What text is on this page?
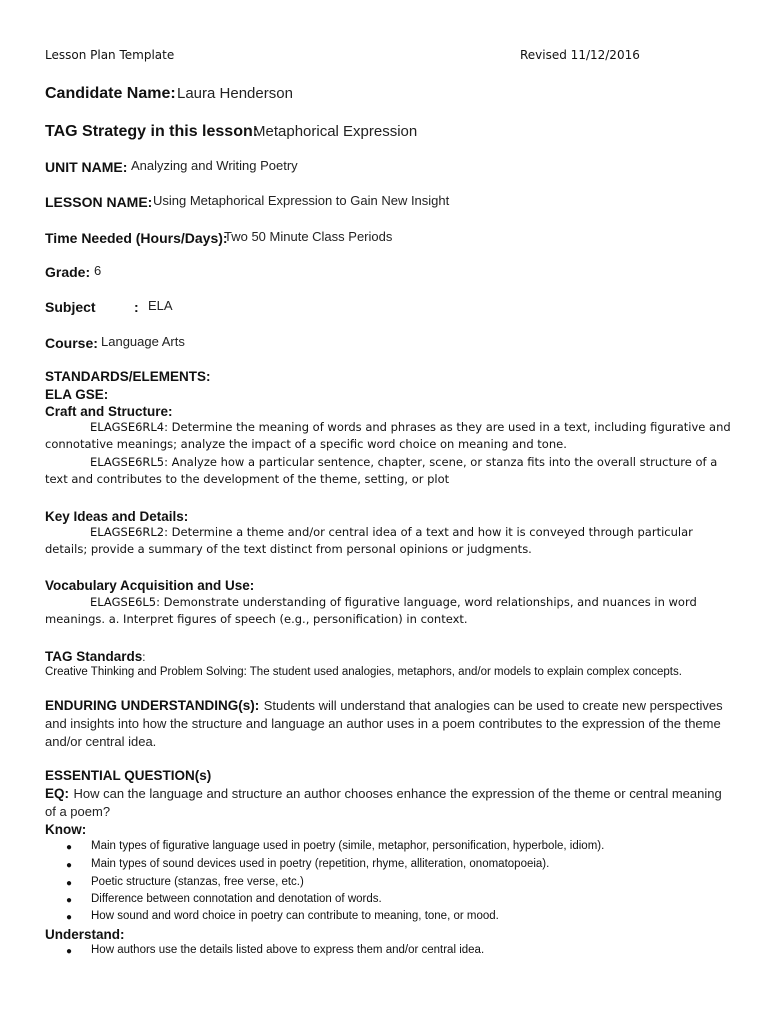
Lesson Plan Template	Revised 11/12/2016
Candidate Name: Laura Henderson
TAG Strategy in this lesson:
Metaphorical Expression
UNIT NAME: Analyzing and Writing Poetry
LESSON NAME: Using Metaphorical Expression to Gain New Insight
Time Needed (Hours/Days):
Two 50 Minute Class Periods
Grade: 6
Subject	: ELA
Course: Language Arts
STANDARDS/ELEMENTS:
ELA GSE:
Craft and Structure:
ELAGSE6RL4: Determine the meaning of words and phrases as they are used in a text, including figurative and
connotative meanings; analyze the impact of a specific word choice on meaning and tone.
ELAGSE6RL5: Analyze how a particular sentence, chapter, scene, or stanza fits into the overall structure of a
text and contributes to the development of the theme, setting, or plot
Key Ideas and Details:
ELAGSE6RL2: Determine a theme and/or central idea of a text and how it is conveyed through particular
details; provide a summary of the text distinct from personal opinions or judgments.
Vocabulary Acquisition and Use:
ELAGSE6L5: Demonstrate understanding of figurative language, word relationships, and nuances in word
meanings. a. Interpret figures of speech (e.g., personification) in context.
TAG Standards:
Creative Thinking and Problem Solving: The student used analogies, metaphors, and/or models to explain complex concepts.
ENDURING UNDERSTANDING(s): Students will understand that analogies can be used to create new perspectives
and insights into how the structure and language an author uses in a poem contributes to the expression of the theme
and/or central idea.
ESSENTIAL QUESTION(s)
EQ: How can the language and structure an author chooses enhance the expression of the theme or central meaning
of a poem?
Know:
● Main types of figurative language used in poetry (simile, metaphor, personification, hyperbole, idiom).
● Main types of sound devices used in poetry (repetition, rhyme, alliteration, onomatopoeia).
● Poetic structure (stanzas, free verse, etc.)
● Difference between connotation and denotation of words.
● How sound and word choice in poetry can contribute to meaning, tone, or mood.
Understand:
● How authors use the details listed above to express them and/or central idea.
